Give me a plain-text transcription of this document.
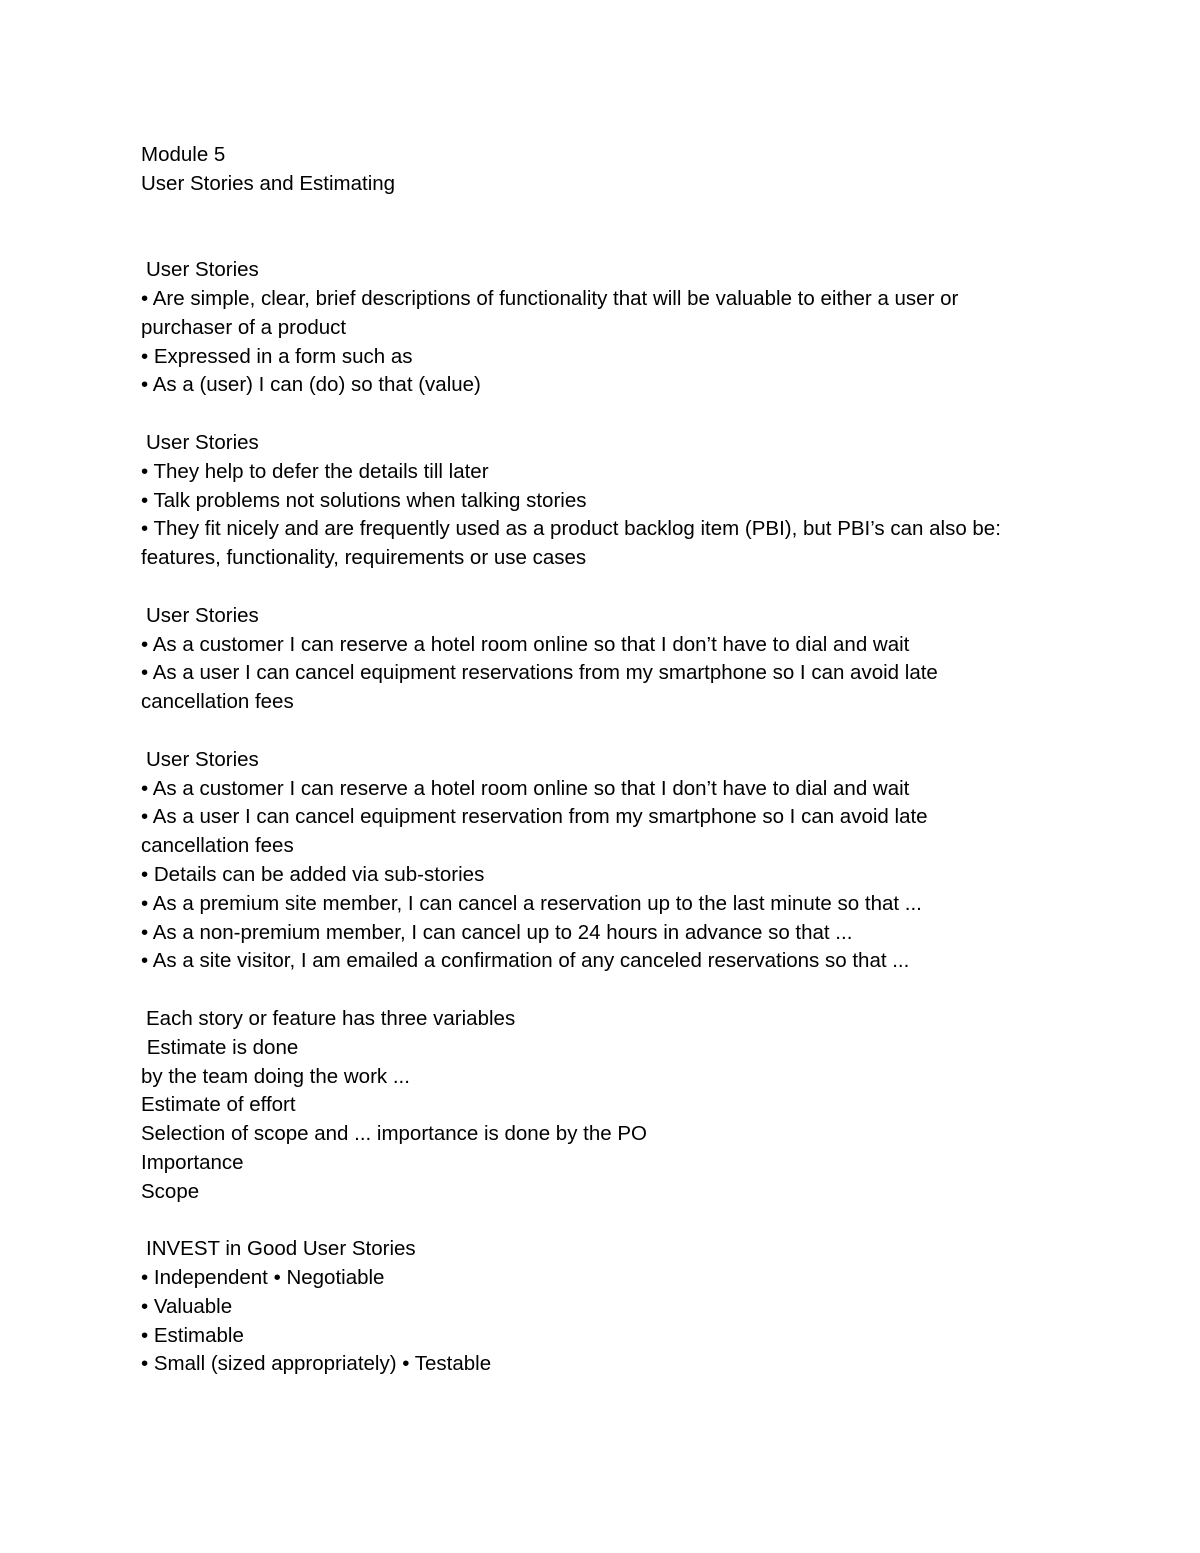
Module 5
User Stories and Estimating
User Stories
• Are simple, clear, brief descriptions of functionality that will be valuable to either a user or
purchaser of a product
• Expressed in a form such as
• As a (user) I can (do) so that (value)
User Stories
• They help to defer the details till later
• Talk problems not solutions when talking stories
• They fit nicely and are frequently used as a product backlog item (PBI), but PBI’s can also be:
features, functionality, requirements or use cases
User Stories
• As a customer I can reserve a hotel room online so that I don’t have to dial and wait
• As a user I can cancel equipment reservations from my smartphone so I can avoid late
cancellation fees
User Stories
• As a customer I can reserve a hotel room online so that I don’t have to dial and wait
• As a user I can cancel equipment reservation from my smartphone so I can avoid late
cancellation fees
• Details can be added via sub-stories
• As a premium site member, I can cancel a reservation up to the last minute so that ...
• As a non-premium member, I can cancel up to 24 hours in advance so that ...
• As a site visitor, I am emailed a confirmation of any canceled reservations so that ...
Each story or feature has three variables
Estimate is done
by the team doing the work ...
Estimate of effort
Selection of scope and ... importance is done by the PO
Importance
Scope
INVEST in Good User Stories
• Independent • Negotiable
• Valuable
• Estimable
• Small (sized appropriately) • Testable
